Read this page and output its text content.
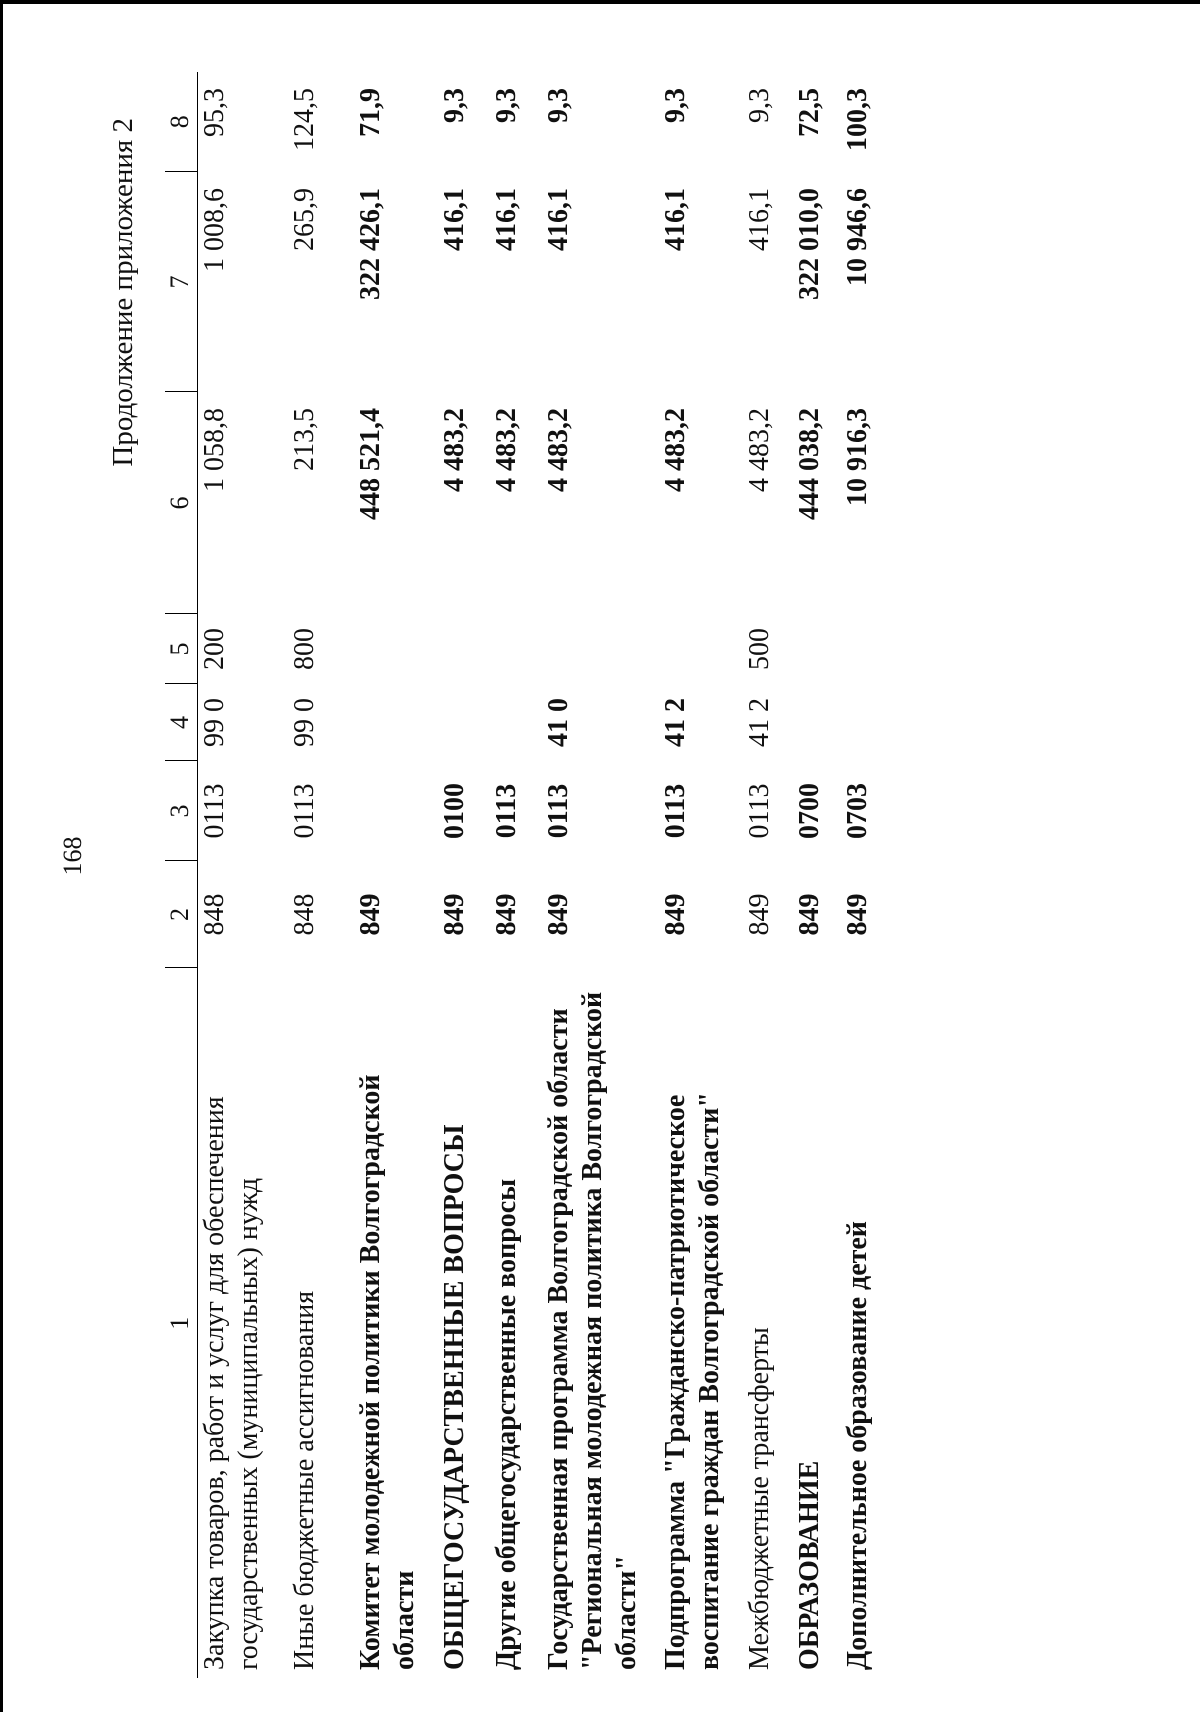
168
Продолжение приложения 2
1	2	3	4	5	6	7	8
Закупка товаров, работ и услуг для обеспечения государственных (муниципальных) нужд	848	0113	99 0	200	1 058,8	1 008,6	95,3
Иные бюджетные ассигнования	848	0113	99 0	800	213,5	265,9	124,5
Комитет молодежной политики Волгоградской области	849				448 521,4	322 426,1	71,9
ОБЩЕГОСУДАРСТВЕННЫЕ ВОПРОСЫ	849	0100			4 483,2	416,1	9,3
Другие общегосударственные вопросы	849	0113			4 483,2	416,1	9,3
Государственная программа Волгоградской области "Региональная молодежная политика Волгоградской области"	849	0113	41 0		4 483,2	416,1	9,3
Подпрограмма "Гражданско-патриотическое воспитание граждан Волгоградской области"	849	0113	41 2		4 483,2	416,1	9,3
Межбюджетные трансферты	849	0113	41 2	500	4 483,2	416,1	9,3
ОБРАЗОВАНИЕ	849	0700			444 038,2	322 010,0	72,5
Дополнительное образование детей	849	0703			10 916,3	10 946,6	100,3
